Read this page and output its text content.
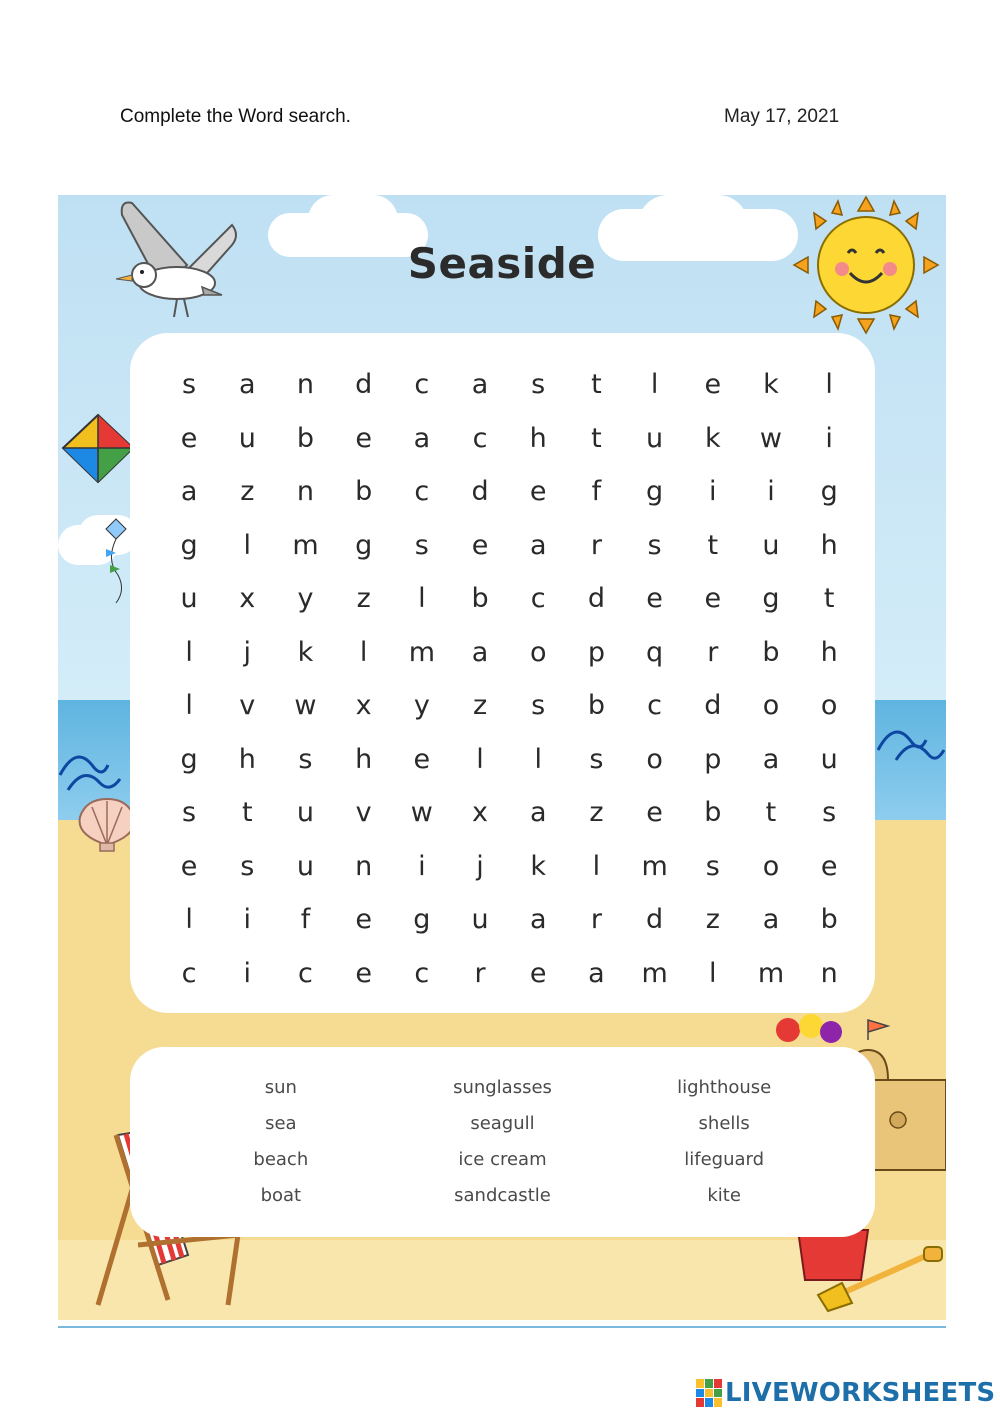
Complete the Word search.	May 17, 2021
Seaside
s	a	n	d	c	a	s	t	l	e	k	l
e	u	b	e	a	c	h	t	u	k	w	i
a	z	n	b	c	d	e	f	g	i	i	g
g	l	m	g	s	e	a	r	s	t	u	h
u	x	y	z	l	b	c	d	e	e	g	t
l	j	k	l	m	a	o	p	q	r	b	h
l	v	w	x	y	z	s	b	c	d	o	o
g	h	s	h	e	l	l	s	o	p	a	u
s	t	u	v	w	x	a	z	e	b	t	s
e	s	u	n	i	j	k	l	m	s	o	e
l	i	f	e	g	u	a	r	d	z	a	b
c	i	c	e	c	r	e	a	m	l	m	n
sun	sunglasses	lighthouse
sea	seagull	shells
beach	ice cream	lifeguard
boat	sandcastle	kite
LIVEWORKSHEETS
